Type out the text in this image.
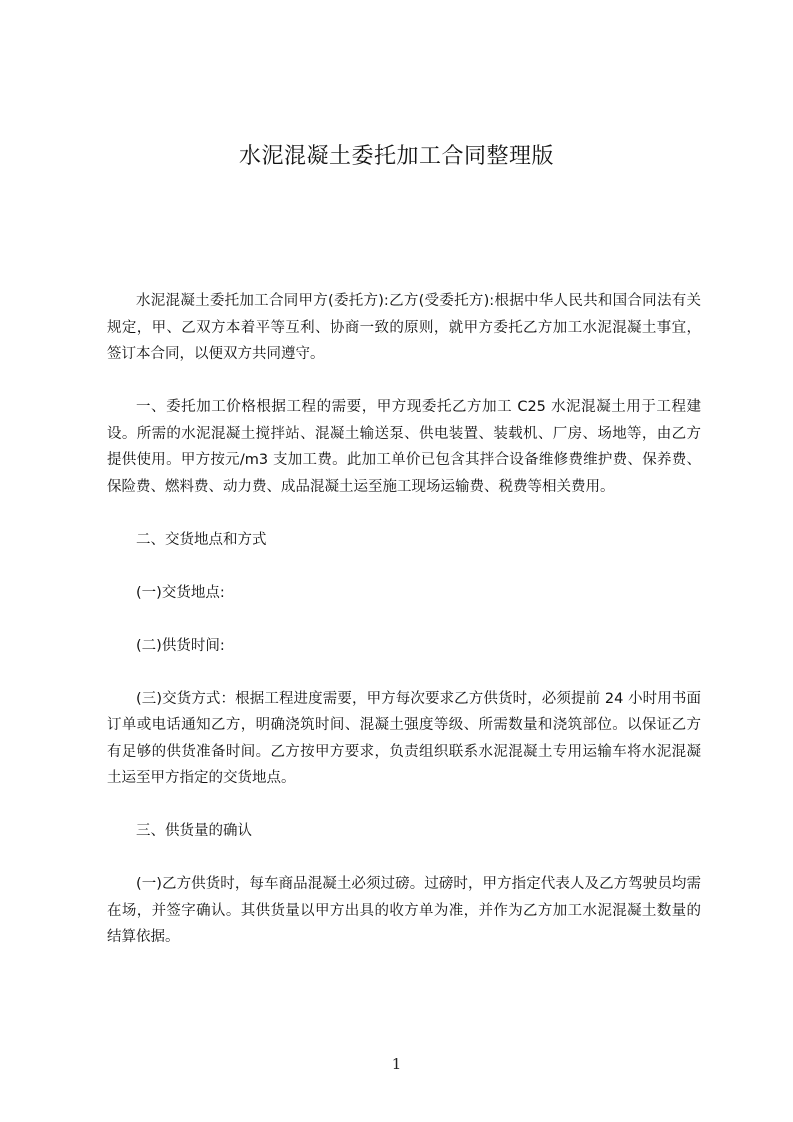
水泥混凝土委托加工合同整理版

水泥混凝土委托加工合同甲方(委托方):乙方(受委托方):根据中华人民共和国合同法有关规定，甲、乙双方本着平等互利、协商一致的原则，就甲方委托乙方加工水泥混凝土事宜，签订本合同，以便双方共同遵守。

一、委托加工价格根据工程的需要，甲方现委托乙方加工 C25 水泥混凝土用于工程建设。所需的水泥混凝土搅拌站、混凝土输送泵、供电装置、装载机、厂房、场地等，由乙方提供使用。甲方按元/m3 支加工费。此加工单价已包含其拌合设备维修费维护费、保养费、保险费、燃料费、动力费、成品混凝土运至施工现场运输费、税费等相关费用。

二、交货地点和方式

(一)交货地点:

(二)供货时间:

(三)交货方式：根据工程进度需要，甲方每次要求乙方供货时，必须提前 24 小时用书面订单或电话通知乙方，明确浇筑时间、混凝土强度等级、所需数量和浇筑部位。以保证乙方有足够的供货准备时间。乙方按甲方要求，负责组织联系水泥混凝土专用运输车将水泥混凝土运至甲方指定的交货地点。

三、供货量的确认

(一)乙方供货时，每车商品混凝土必须过磅。过磅时，甲方指定代表人及乙方驾驶员均需在场，并签字确认。其供货量以甲方出具的收方单为准，并作为乙方加工水泥混凝土数量的结算依据。

1
